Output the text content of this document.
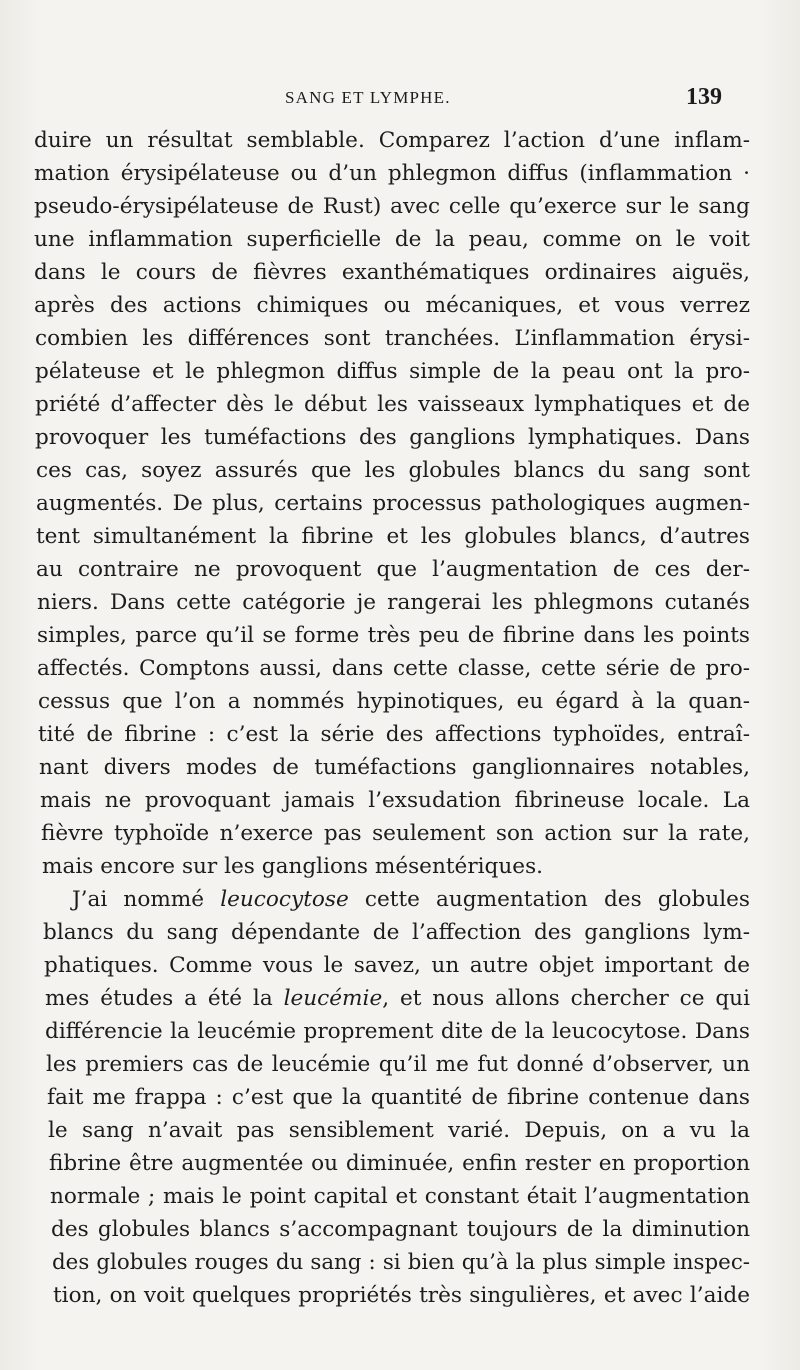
SANG ET LYMPHE.	139
duire un résultat semblable. Comparez l’action d’une inflam-
mation érysipélateuse ou d’un phlegmon diffus (inflammation ·
pseudo-érysipélateuse de Rust) avec celle qu’exerce sur le sang
une inflammation superficielle de la peau, comme on le voit
dans le cours de fièvres exanthématiques ordinaires aiguës,
après des actions chimiques ou mécaniques, et vous verrez
combien les différences sont tranchées. L’inflammation érysi-
pélateuse et le phlegmon diffus simple de la peau ont la pro-
priété d’affecter dès le début les vaisseaux lymphatiques et de
provoquer les tuméfactions des ganglions lymphatiques. Dans
ces cas, soyez assurés que les globules blancs du sang sont
augmentés. De plus, certains processus pathologiques augmen-
tent simultanément la fibrine et les globules blancs, d’autres
au contraire ne provoquent que l’augmentation de ces der-
niers. Dans cette catégorie je rangerai les phlegmons cutanés
simples, parce qu’il se forme très peu de fibrine dans les points
affectés. Comptons aussi, dans cette classe, cette série de pro-
cessus que l’on a nommés hypinotiques, eu égard à la quan-
tité de fibrine : c’est la série des affections typhoïdes, entraî-
nant divers modes de tuméfactions ganglionnaires notables,
mais ne provoquant jamais l’exsudation fibrineuse locale. La
fièvre typhoïde n’exerce pas seulement son action sur la rate,
mais encore sur les ganglions mésentériques.
J’ai nommé leucocytose cette augmentation des globules
blancs du sang dépendante de l’affection des ganglions lym-
phatiques. Comme vous le savez, un autre objet important de
mes études a été la leucémie, et nous allons chercher ce qui
différencie la leucémie proprement dite de la leucocytose. Dans
les premiers cas de leucémie qu’il me fut donné d’observer, un
fait me frappa : c’est que la quantité de fibrine contenue dans
le sang n’avait pas sensiblement varié. Depuis, on a vu la
fibrine être augmentée ou diminuée, enfin rester en proportion
normale ; mais le point capital et constant était l’augmentation
des globules blancs s’accompagnant toujours de la diminution
des globules rouges du sang : si bien qu’à la plus simple inspec-
tion, on voit quelques propriétés très singulières, et avec l’aide
